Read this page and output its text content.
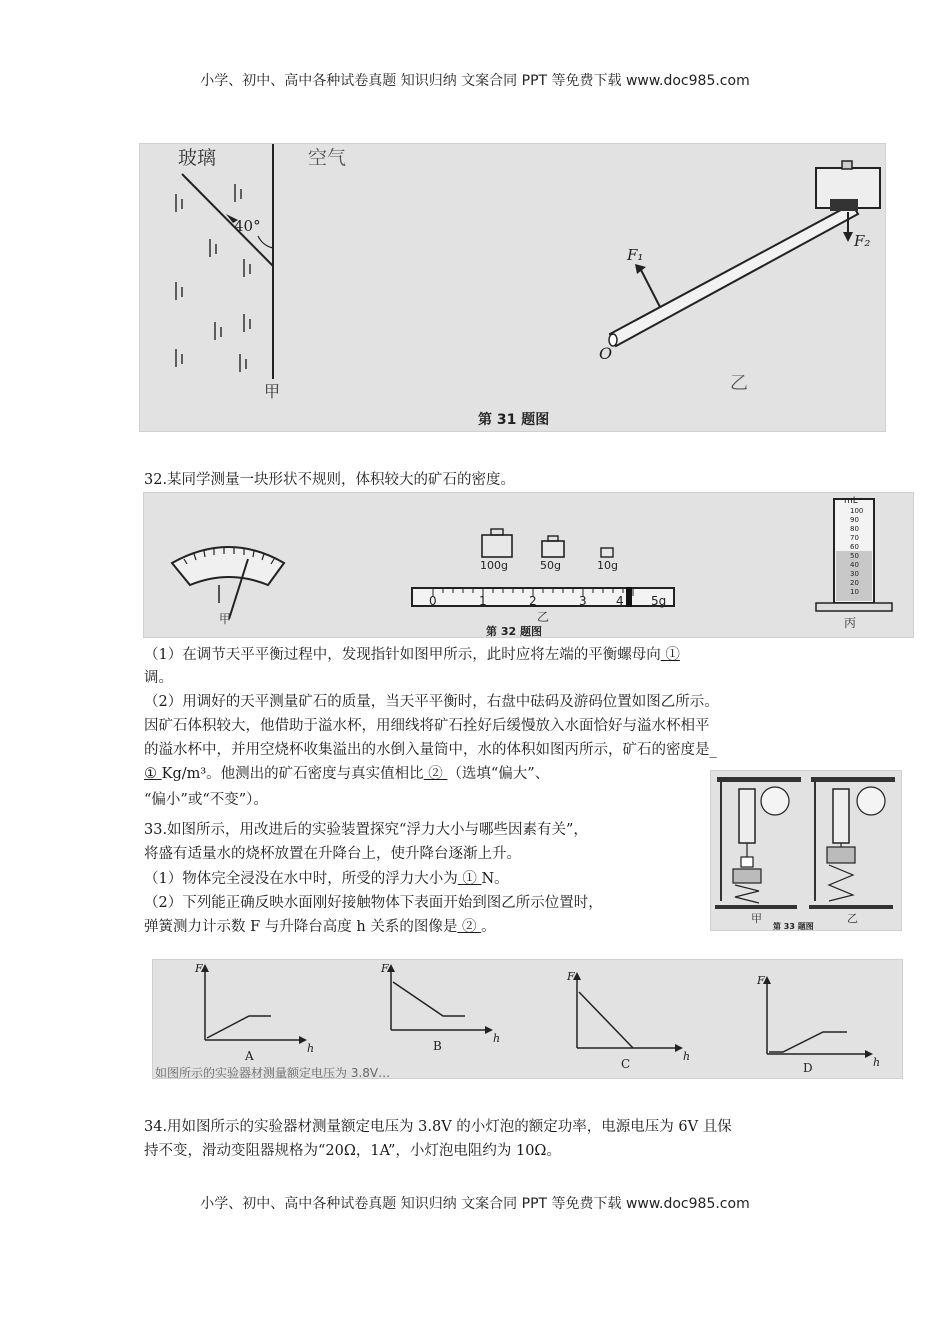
小学、初中、高中各种试卷真题 知识归纳 文案合同 PPT 等免费下载 www.doc985.com
玻璃	空气
40°
甲
F₂
F₁
O
乙
第 31 题图
32.某同学测量一块形状不规则，体积较大的矿石的密度。
甲
100g	50g	10g
0	1	2	3 4 5g
乙
第 32 题图
mL
100
90
80
70
60
50
40
30
20
10
丙
（1）在调节天平平衡过程中，发现指针如图甲所示，此时应将左端的平衡螺母向 ①
调。
（2）用调好的天平测量矿石的质量，当天平平衡时，右盘中砝码及游码位置如图乙所示。
因矿石体积较大，他借助于溢水杯，用细线将矿石拴好后缓慢放入水面恰好与溢水杯相平
的溢水杯中，并用空烧杯收集溢出的水倒入量筒中，水的体积如图丙所示，矿石的密度是_
① Kg/m³。他测出的矿石密度与真实值相比 ② （选填“偏大”、
“偏小”或“不变”）。
甲	乙
第 33 题图
33.如图所示，用改进后的实验装置探究“浮力大小与哪些因素有关”，
将盛有适量水的烧杯放置在升降台上，使升降台逐渐上升。
（1）物体完全浸没在水中时，所受的浮力大小为 ① N。
（2）下列能正确反映水面刚好接触物体下表面开始到图乙所示位置时，
弹簧测力计示数 F 与升降台高度 h 关系的图像是 ② 。
F
h
A
F
h
B
F
h
C
F
h
D
如图所示的实验器材测量额定电压为 3.8V…
34.用如图所示的实验器材测量额定电压为 3.8V 的小灯泡的额定功率，电源电压为 6V 且保
持不变，滑动变阻器规格为“20Ω，1A”，小灯泡电阻约为 10Ω。
小学、初中、高中各种试卷真题 知识归纳 文案合同 PPT 等免费下载 www.doc985.com
